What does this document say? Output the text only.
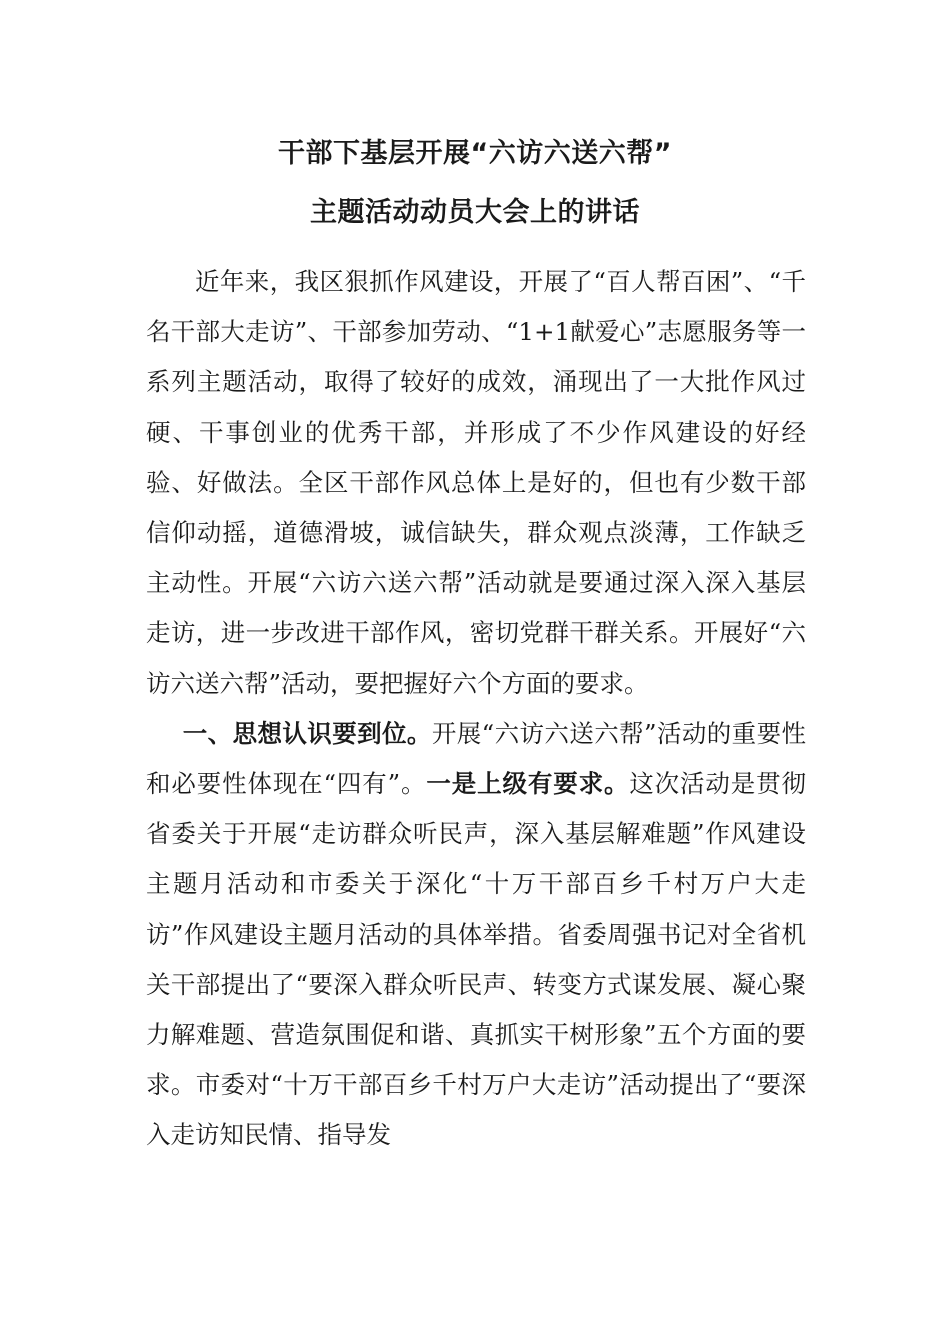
干部下基层开展“六访六送六帮”
主题活动动员大会上的讲话

近年来，我区狠抓作风建设，开展了“百人帮百困”、“千名干部大走访”、干部参加劳动、“1+1献爱心”志愿服务等一系列主题活动，取得了较好的成效，涌现出了一大批作风过硬、干事创业的优秀干部，并形成了不少作风建设的好经验、好做法。全区干部作风总体上是好的，但也有少数干部信仰动摇，道德滑坡，诚信缺失，群众观点淡薄，工作缺乏主动性。开展“六访六送六帮”活动就是要通过深入深入基层走访，进一步改进干部作风，密切党群干群关系。开展好“六访六送六帮”活动，要把握好六个方面的要求。

一、思想认识要到位。开展“六访六送六帮”活动的重要性和必要性体现在“四有”。一是上级有要求。这次活动是贯彻省委关于开展“走访群众听民声，深入基层解难题”作风建设主题月活动和市委关于深化“十万干部百乡千村万户大走访”作风建设主题月活动的具体举措。省委周强书记对全省机关干部提出了“要深入群众听民声、转变方式谋发展、凝心聚力解难题、营造氛围促和谐、真抓实干树形象”五个方面的要求。市委对“十万干部百乡千村万户大走访”活动提出了“要深入走访知民情、指导发
